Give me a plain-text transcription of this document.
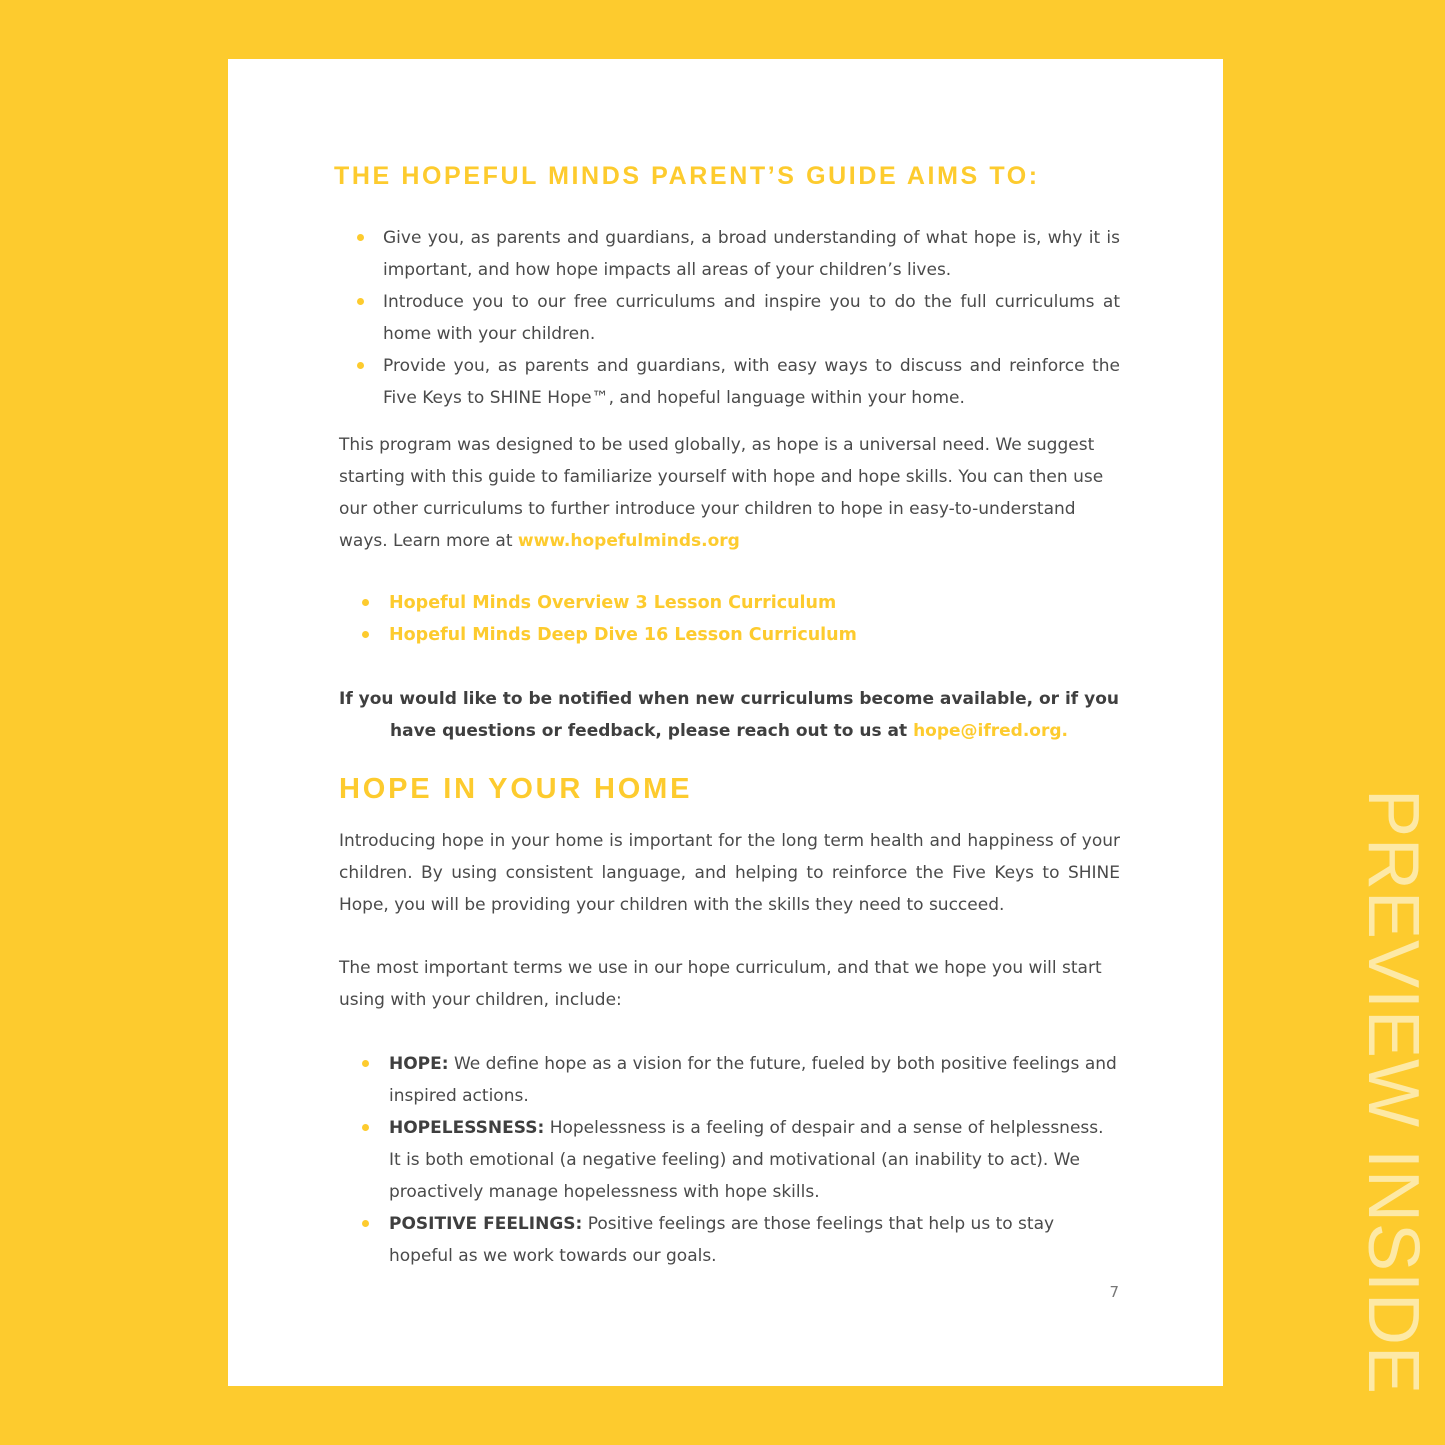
THE HOPEFUL MINDS PARENT’S GUIDE AIMS TO:
Give you, as parents and guardians, a broad understanding of what hope is, why it is important, and how hope impacts all areas of your children’s lives.
Introduce you to our free curriculums and inspire you to do the full curriculums at home with your children.
Provide you, as parents and guardians, with easy ways to discuss and reinforce the Five Keys to SHINE Hope™, and hopeful language within your home.

This program was designed to be used globally, as hope is a universal need. We suggest starting with this guide to familiarize yourself with hope and hope skills. You can then use our other curriculums to further introduce your children to hope in easy-to-understand ways. Learn more at www.hopefulminds.org

Hopeful Minds Overview 3 Lesson Curriculum
Hopeful Minds Deep Dive 16 Lesson Curriculum

If you would like to be notified when new curriculums become available, or if you have questions or feedback, please reach out to us at hope@ifred.org.

HOPE IN YOUR HOME

Introducing hope in your home is important for the long term health and happiness of your children. By using consistent language, and helping to reinforce the Five Keys to SHINE Hope, you will be providing your children with the skills they need to succeed.

The most important terms we use in our hope curriculum, and that we hope you will start using with your children, include:

HOPE: We define hope as a vision for the future, fueled by both positive feelings and inspired actions.
HOPELESSNESS: Hopelessness is a feeling of despair and a sense of helplessness. It is both emotional (a negative feeling) and motivational (an inability to act). We proactively manage hopelessness with hope skills.
POSITIVE FEELINGS: Positive feelings are those feelings that help us to stay hopeful as we work towards our goals.
7	PREVIEW INSIDE
